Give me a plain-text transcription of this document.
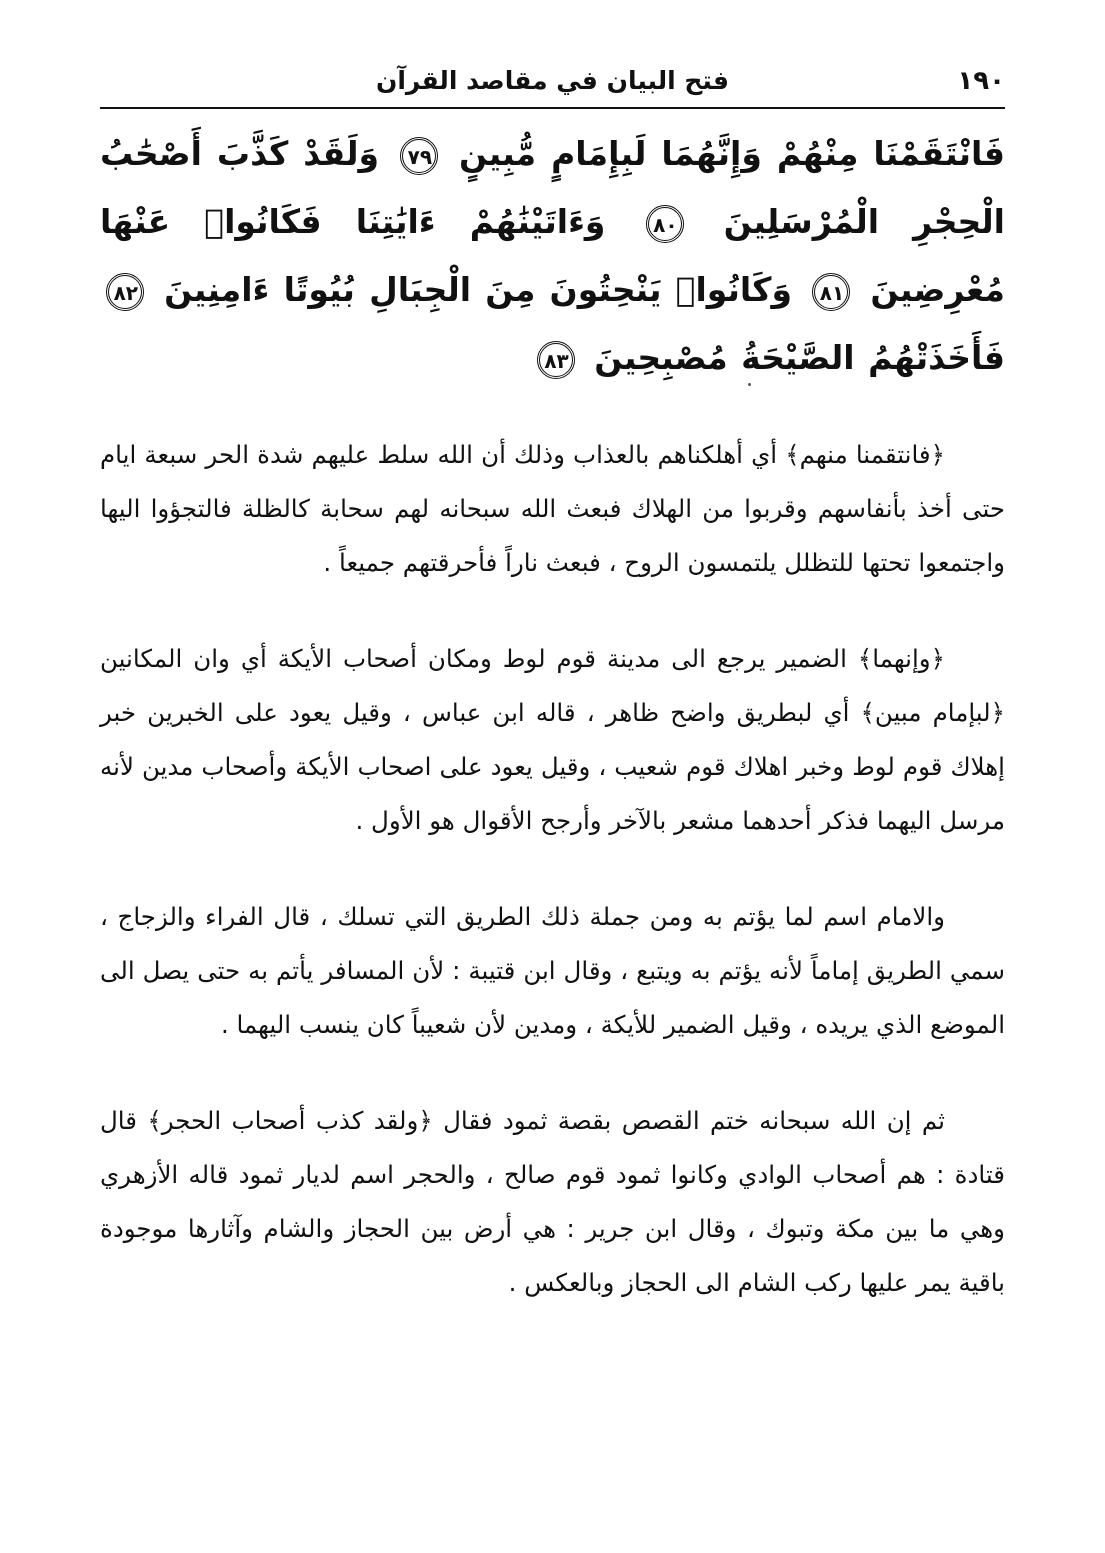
١٩٠
فتح البيان في مقاصد القرآن
فَانْتَقَمْنَا مِنْهُمْ وَإِنَّهُمَا لَبِإِمَامٍ مُّبِينٍ ٧٩ وَلَقَدْ كَذَّبَ أَصْحَٰبُ الْحِجْرِ الْمُرْسَلِينَ ٨٠ وَءَاتَيْنَٰهُمْ ءَايَٰتِنَا فَكَانُوا۟ عَنْهَا مُعْرِضِينَ ٨١ وَكَانُوا۟ يَنْحِتُونَ مِنَ الْجِبَالِ بُيُوتًا ءَامِنِينَ ٨٢ فَأَخَذَتْهُمُ الصَّيْحَةُ مُصْبِحِينَ ٨٣

﴿فانتقمنا منهم﴾ أي أهلكناهم بالعذاب وذلك أن الله سلط عليهم شدة الحر سبعة ايام حتى أخذ بأنفاسهم وقربوا من الهلاك فبعث الله سبحانه لهم سحابة كالظلة فالتجؤوا اليها واجتمعوا تحتها للتظلل يلتمسون الروح ، فبعث ناراً فأحرقتهم جميعاً .

﴿وإنهما﴾ الضمير يرجع الى مدينة قوم لوط ومكان أصحاب الأيكة أي وان المكانين ﴿لبإمام مبين﴾ أي لبطريق واضح ظاهر ، قاله ابن عباس ، وقيل يعود على الخبرين خبر إهلاك قوم لوط وخبر اهلاك قوم شعيب ، وقيل يعود على اصحاب الأيكة وأصحاب مدين لأنه مرسل اليهما فذكر أحدهما مشعر بالآخر وأرجح الأقوال هو الأول .

والامام اسم لما يؤتم به ومن جملة ذلك الطريق التي تسلك ، قال الفراء والزجاج ، سمي الطريق إماماً لأنه يؤتم به ويتبع ، وقال ابن قتيبة : لأن المسافر يأتم به حتى يصل الى الموضع الذي يريده ، وقيل الضمير للأيكة ، ومدين لأن شعيباً كان ينسب اليهما .

ثم إن الله سبحانه ختم القصص بقصة ثمود فقال ﴿ولقد كذب أصحاب الحجر﴾ قال قتادة : هم أصحاب الوادي وكانوا ثمود قوم صالح ، والحجر اسم لديار ثمود قاله الأزهري وهي ما بين مكة وتبوك ، وقال ابن جرير : هي أرض بين الحجاز والشام وآثارها موجودة باقية يمر عليها ركب الشام الى الحجاز وبالعكس .
